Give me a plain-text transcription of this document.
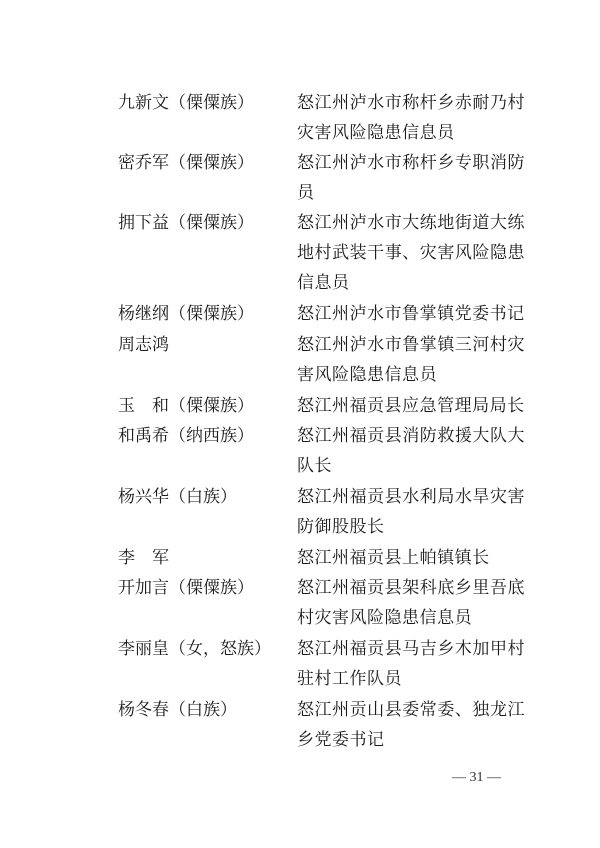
九新文（傈僳族）	怒江州泸水市称杆乡赤耐乃村灾害风险隐患信息员
密乔军（傈僳族）	怒江州泸水市称杆乡专职消防员
拥下益（傈僳族）	怒江州泸水市大练地街道大练地村武装干事、灾害风险隐患信息员
杨继纲（傈僳族）	怒江州泸水市鲁掌镇党委书记
周志鸿	怒江州泸水市鲁掌镇三河村灾害风险隐患信息员
玉　和（傈僳族）	怒江州福贡县应急管理局局长
和禹希（纳西族）	怒江州福贡县消防救援大队大队长
杨兴华（白族）	怒江州福贡县水利局水旱灾害防御股股长
李　军	怒江州福贡县上帕镇镇长
开加言（傈僳族）	怒江州福贡县架科底乡里吾底村灾害风险隐患信息员
李丽皇（女，怒族）	怒江州福贡县马吉乡木加甲村驻村工作队员
杨冬春（白族）	怒江州贡山县委常委、独龙江乡党委书记
— 31 —
